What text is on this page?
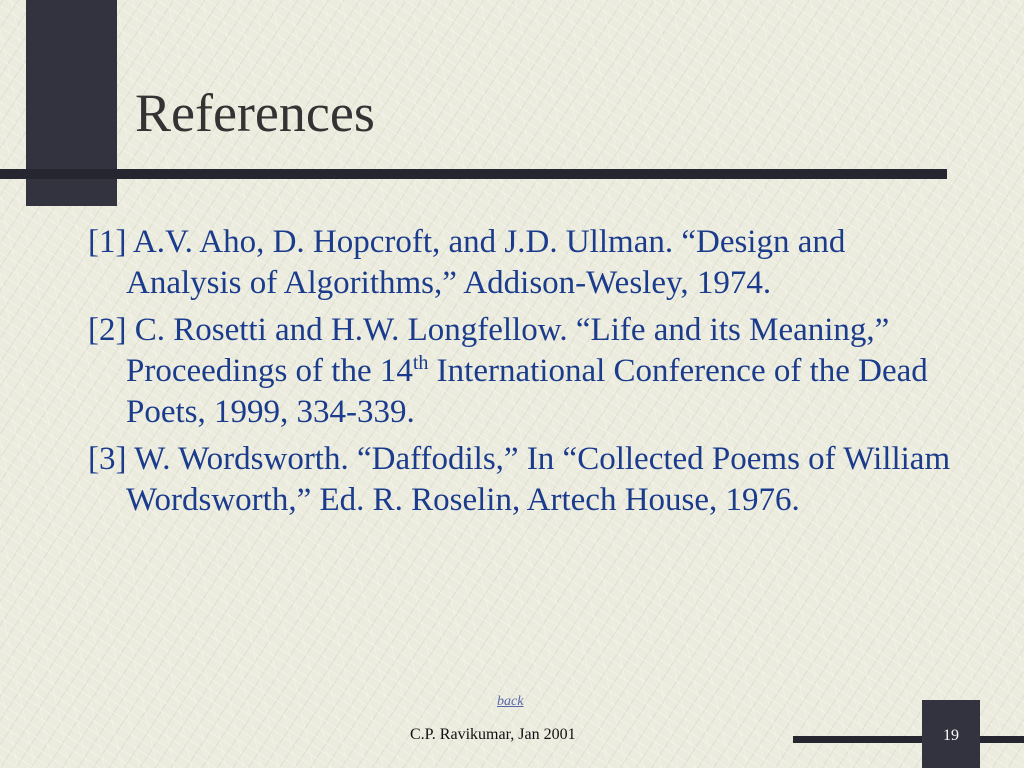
References
[1] A.V. Aho, D. Hopcroft, and J.D. Ullman. “Design and Analysis of Algorithms,” Addison-Wesley, 1974.
[2] C. Rosetti and H.W. Longfellow. “Life and its Meaning,” Proceedings of the 14th International Conference of the Dead Poets, 1999, 334-339.
[3] W. Wordsworth. “Daffodils,” In “Collected Poems of William Wordsworth,” Ed. R. Roselin, Artech House, 1976.
back
C.P. Ravikumar, Jan 2001	19
